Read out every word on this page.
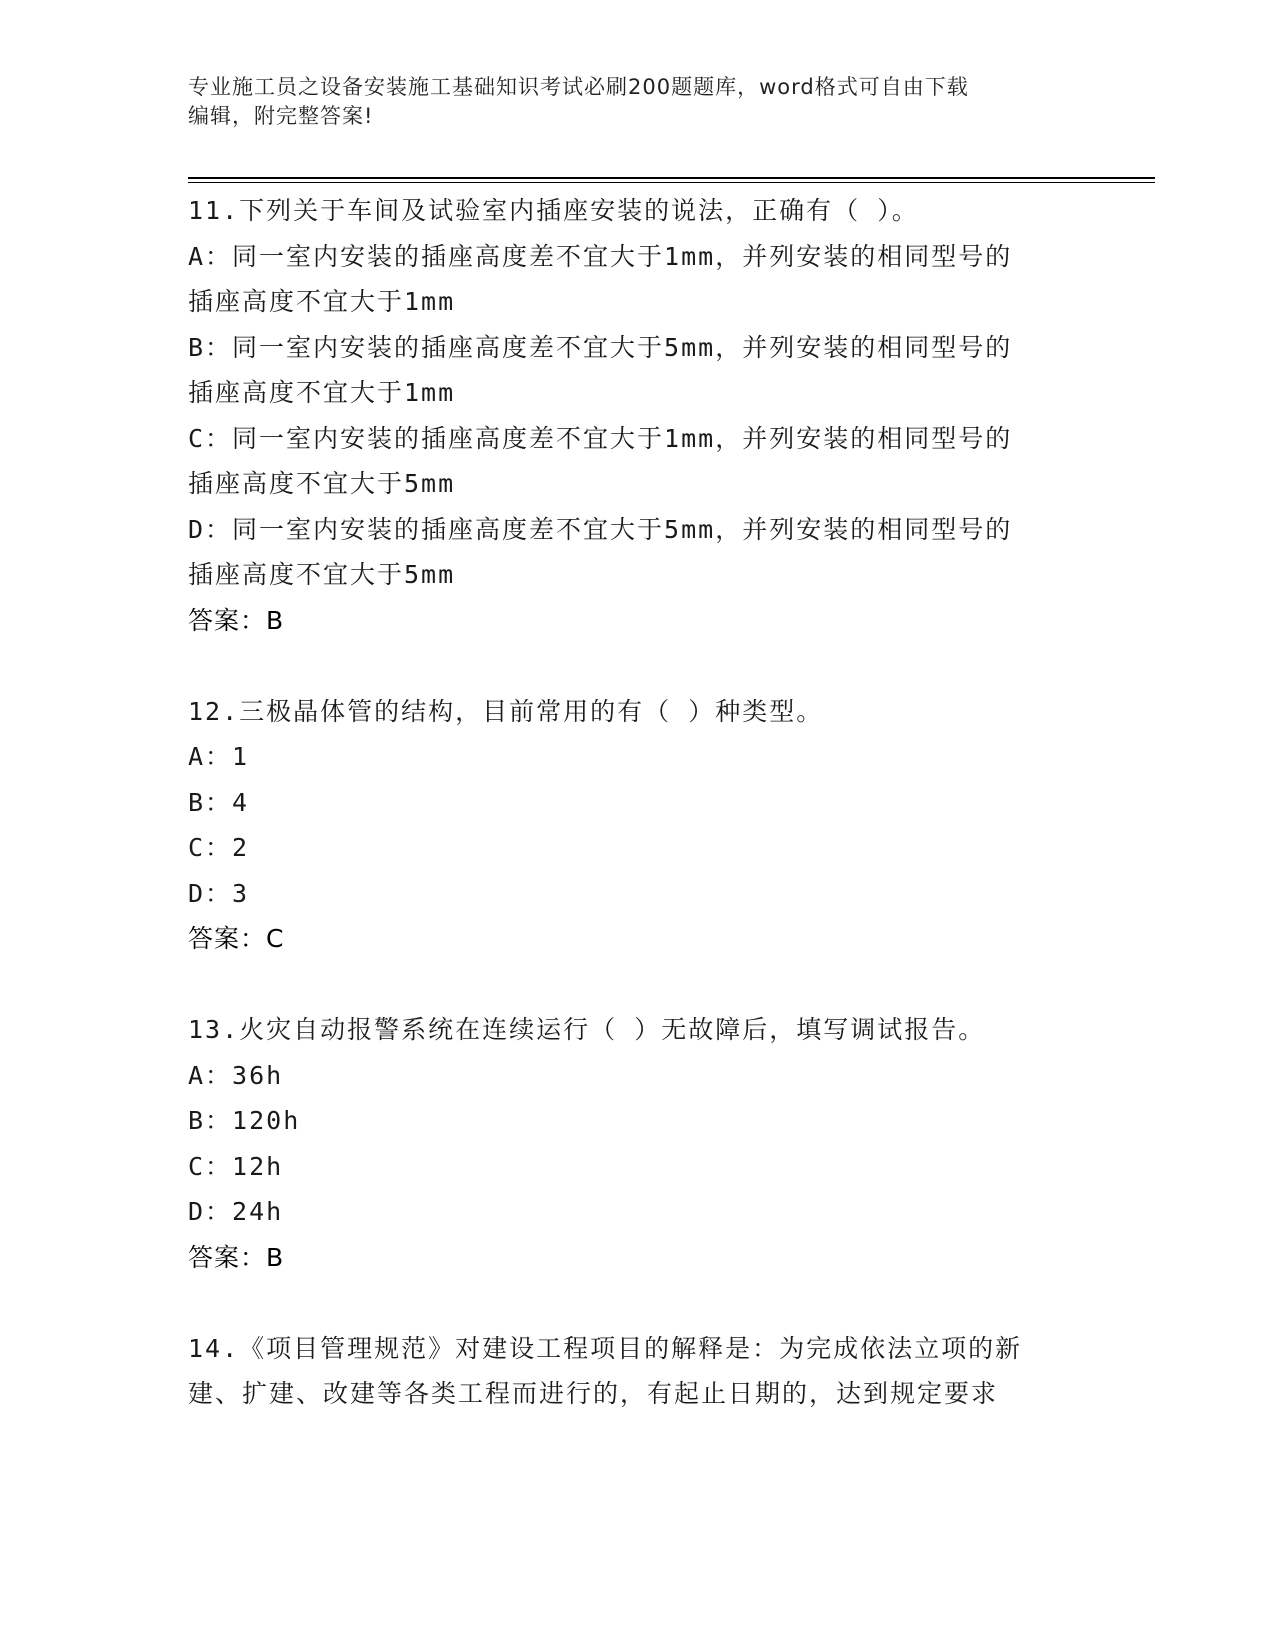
专业施工员之设备安装施工基础知识考试必刷200题题库，word格式可自由下载
编辑，附完整答案!
11.下列关于车间及试验室内插座安装的说法，正确有（ ）。
A：同一室内安装的插座高度差不宜大于1mm，并列安装的相同型号的
插座高度不宜大于1mm
B：同一室内安装的插座高度差不宜大于5mm，并列安装的相同型号的
插座高度不宜大于1mm
C：同一室内安装的插座高度差不宜大于1mm，并列安装的相同型号的
插座高度不宜大于5mm
D：同一室内安装的插座高度差不宜大于5mm，并列安装的相同型号的
插座高度不宜大于5mm
答案：B
12.三极晶体管的结构，目前常用的有（ ）种类型。
A：1
B：4
C：2
D：3
答案：C
13.火灾自动报警系统在连续运行（ ）无故障后，填写调试报告。
A：36h
B：120h
C：12h
D：24h
答案：B
14.《项目管理规范》对建设工程项目的解释是：为完成依法立项的新
建、扩建、改建等各类工程而进行的，有起止日期的，达到规定要求
